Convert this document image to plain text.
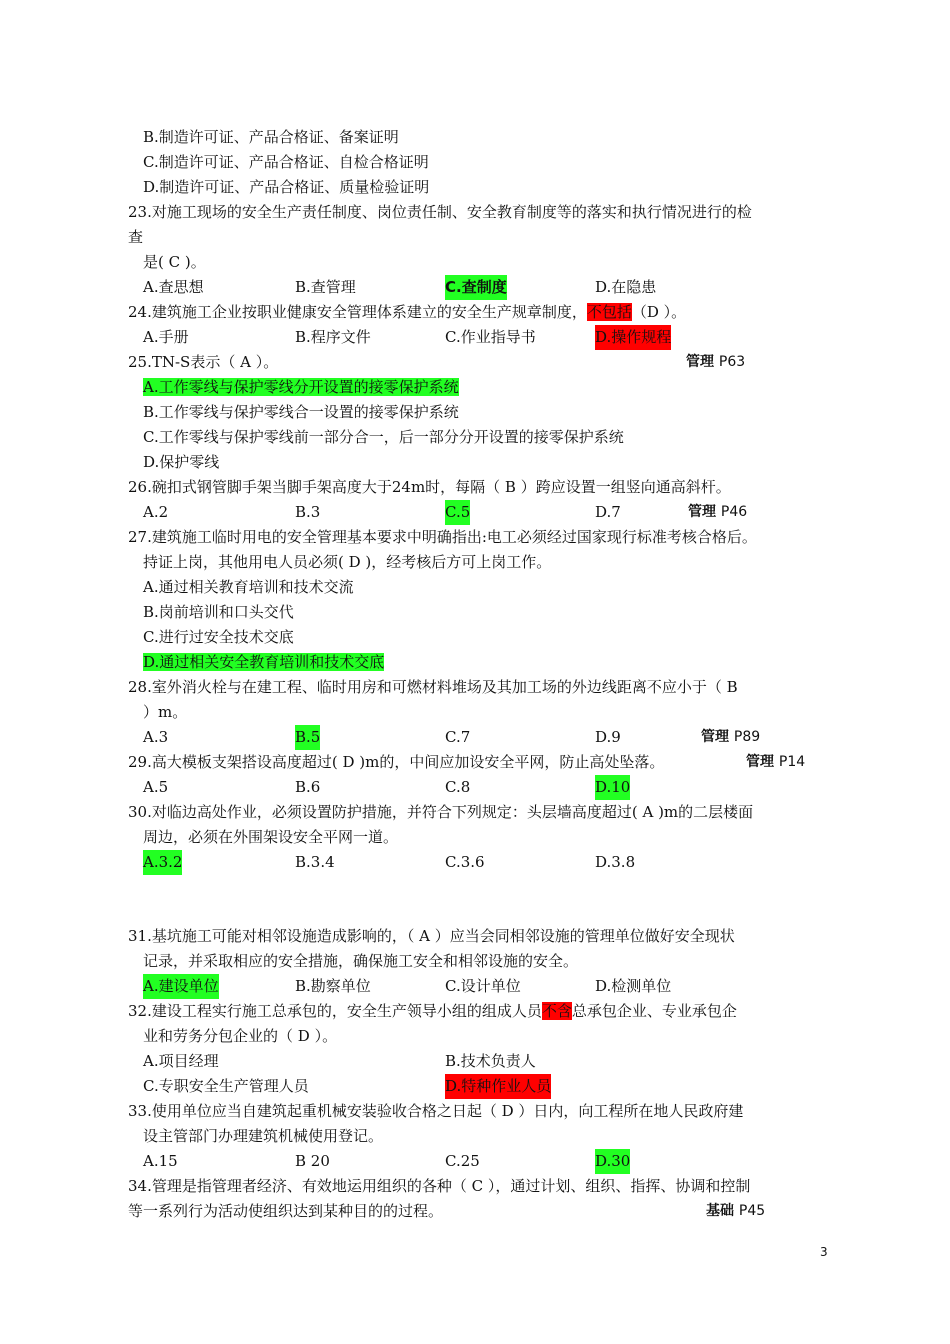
B.制造许可证、产品合格证、备案证明
C.制造许可证、产品合格证、自检合格证明
D.制造许可证、产品合格证、质量检验证明
23.对施工现场的安全生产责任制度、岗位责任制、安全教育制度等的落实和执行情况进行的检
查
是( C )。
A.查思想	B.查管理	C.查制度	D.在隐患
24.建筑施工企业按职业健康安全管理体系建立的安全生产规章制度，不包括（D ）。
A.手册	B.程序文件	C.作业指导书	D.操作规程
25.TN-S表示（ A ）。	管理 P63
A.工作零线与保护零线分开设置的接零保护系统
B.工作零线与保护零线合一设置的接零保护系统
C.工作零线与保护零线前一部分合一，后一部分分开设置的接零保护系统
D.保护零线
26.碗扣式钢管脚手架当脚手架高度大于24m时，每隔（ B ）跨应设置一组竖向通高斜杆。
A.2	B.3	C.5	D.7	管理 P46
27.建筑施工临时用电的安全管理基本要求中明确指出:电工必须经过国家现行标准考核合格后。
持证上岗，其他用电人员必须( D )，经考核后方可上岗工作。
A.通过相关教育培训和技术交流
B.岗前培训和口头交代
C.进行过安全技术交底
D.通过相关安全教育培训和技术交底
28.室外消火栓与在建工程、临时用房和可燃材料堆场及其加工场的外边线距离不应小于（ B
）m。
A.3	B.5	C.7	D.9	管理 P89
29.高大模板支架搭设高度超过( D )m的，中间应加设安全平网，防止高处坠落。	管理 P14
A.5	B.6	C.8	D.10
30.对临边高处作业，必须设置防护措施，并符合下列规定：头层墙高度超过( A )m的二层楼面
周边，必须在外围架设安全平网一道。
A.3.2	B.3.4	C.3.6	D.3.8
31.基坑施工可能对相邻设施造成影响的，（ A ）应当会同相邻设施的管理单位做好安全现状
记录，并采取相应的安全措施，确保施工安全和相邻设施的安全。
A.建设单位	B.勘察单位	C.设计单位	D.检测单位
32.建设工程实行施工总承包的，安全生产领导小组的组成人员不含总承包企业、专业承包企
业和劳务分包企业的（ D ）。
A.项目经理	B.技术负责人
C.专职安全生产管理人员	D.特种作业人员
33.使用单位应当自建筑起重机械安装验收合格之日起（ D ）日内，向工程所在地人民政府建
设主管部门办理建筑机械使用登记。
A.15	B 20	C.25	D.30
34.管理是指管理者经济、有效地运用组织的各种（ C ），通过计划、组织、指挥、协调和控制
等一系列行为活动使组织达到某种目的的过程。	基础 P45
3
